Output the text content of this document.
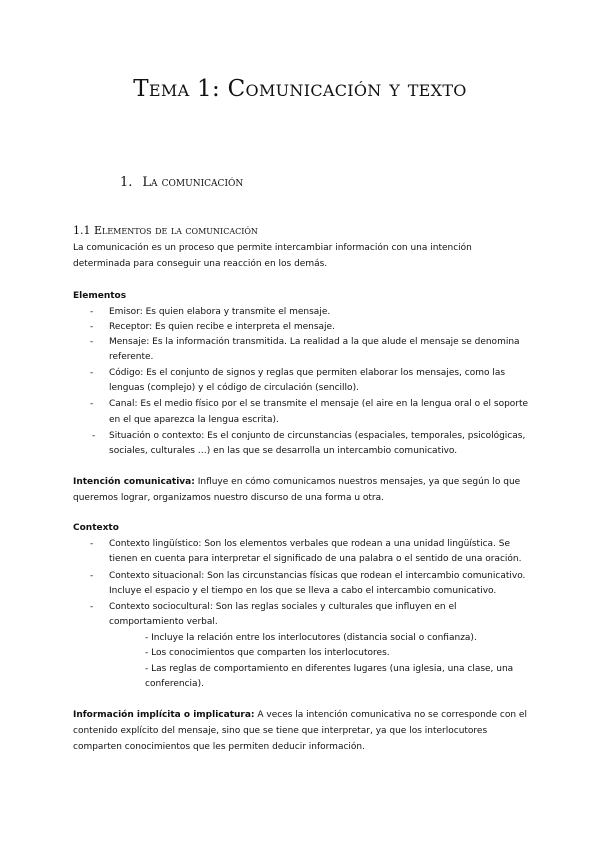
Tema 1: Comunicación y texto
1. La comunicación
1.1 Elementos de la comunicación
La comunicación es un proceso que permite intercambiar información con una intención
determinada para conseguir una reacción en los demás.
Elementos
- Emisor: Es quien elabora y transmite el mensaje.
- Receptor: Es quien recibe e interpreta el mensaje.
- Mensaje: Es la información transmitida. La realidad a la que alude el mensaje se denomina
referente.
- Código: Es el conjunto de signos y reglas que permiten elaborar los mensajes, como las
lenguas (complejo) y el código de circulación (sencillo).
- Canal: Es el medio físico por el se transmite el mensaje (el aire en la lengua oral o el soporte
en el que aparezca la lengua escrita).
- Situación o contexto: Es el conjunto de circunstancias (espaciales, temporales, psicológicas,
sociales, culturales …) en las que se desarrolla un intercambio comunicativo.
Intención comunicativa: Influye en cómo comunicamos nuestros mensajes, ya que según lo que
queremos lograr, organizamos nuestro discurso de una forma u otra.
Contexto
- Contexto lingüístico: Son los elementos verbales que rodean a una unidad lingüística. Se
tienen en cuenta para interpretar el significado de una palabra o el sentido de una oración.
- Contexto situacional: Son las circunstancias físicas que rodean el intercambio comunicativo.
Incluye el espacio y el tiempo en los que se lleva a cabo el intercambio comunicativo.
- Contexto sociocultural: Son las reglas sociales y culturales que influyen en el
comportamiento verbal.
- Incluye la relación entre los interlocutores (distancia social o confianza).
- Los conocimientos que comparten los interlocutores.
- Las reglas de comportamiento en diferentes lugares (una iglesia, una clase, una
conferencia).
Información implícita o implicatura: A veces la intención comunicativa no se corresponde con el
contenido explícito del mensaje, sino que se tiene que interpretar, ya que los interlocutores
comparten conocimientos que les permiten deducir información.
